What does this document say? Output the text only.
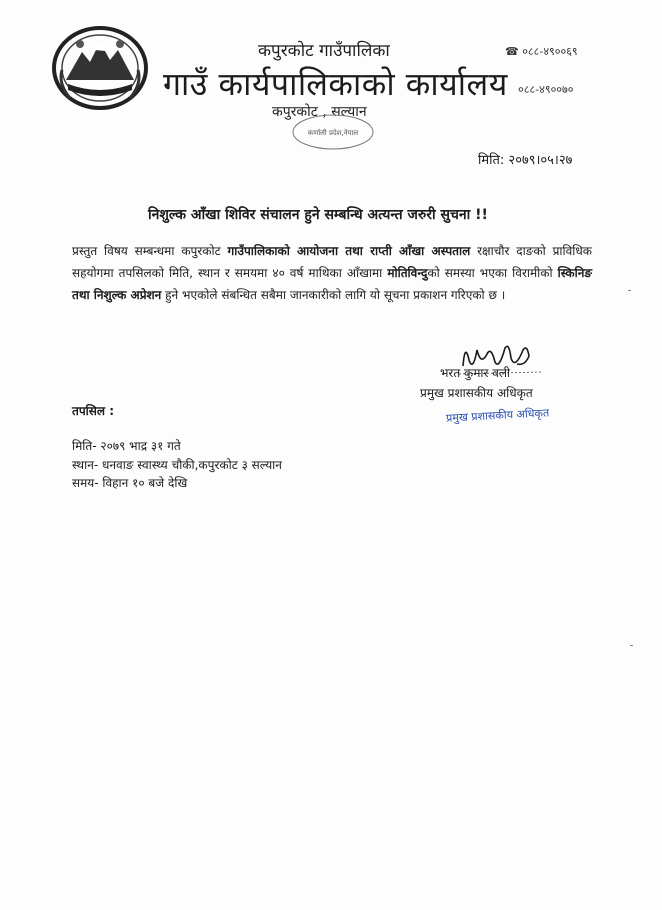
कपुरकोट गाउँपालिका
गाउँ कार्यपालिकाको कार्यालय
कपुरकोट , सल्यान
☎ ०८८-४९००६९
०८८-४९००७०
कर्णाली प्रदेश,नेपाल
मिति: २०७९।०५।२७
निशुल्क आँखा शिविर संचालन हुने सम्बन्धि अत्यन्त जरुरी सुचना !!
प्रस्तुत विषय सम्बन्धमा कपुरकोट गाउँपालिकाको आयोजना तथा राप्ती आँखा अस्पताल रक्षाचौर दाङको प्राविधिक सहयोगमा तपसिलको मिति, स्थान र समयमा ४० वर्ष माथिका आँखामा मोतिविन्दुको समस्या भएका विरामीको स्किनिङ तथा निशुल्क अप्रेशन हुने भएकोले संबन्धित सबैमा जानकारीको लागि यो सूचना प्रकाशन गरिएको छ ।
भरत कुमार वली
प्रमुख प्रशासकीय अधिकृत
प्रमुख प्रशासकीय अधिकृत
तपसिल :
मिति- २०७९ भाद्र ३१ गते
स्थान- धनवाङ स्वास्थ्य चौकी,कपुरकोट ३ सल्यान
समय- विहान १० बजे देखि
